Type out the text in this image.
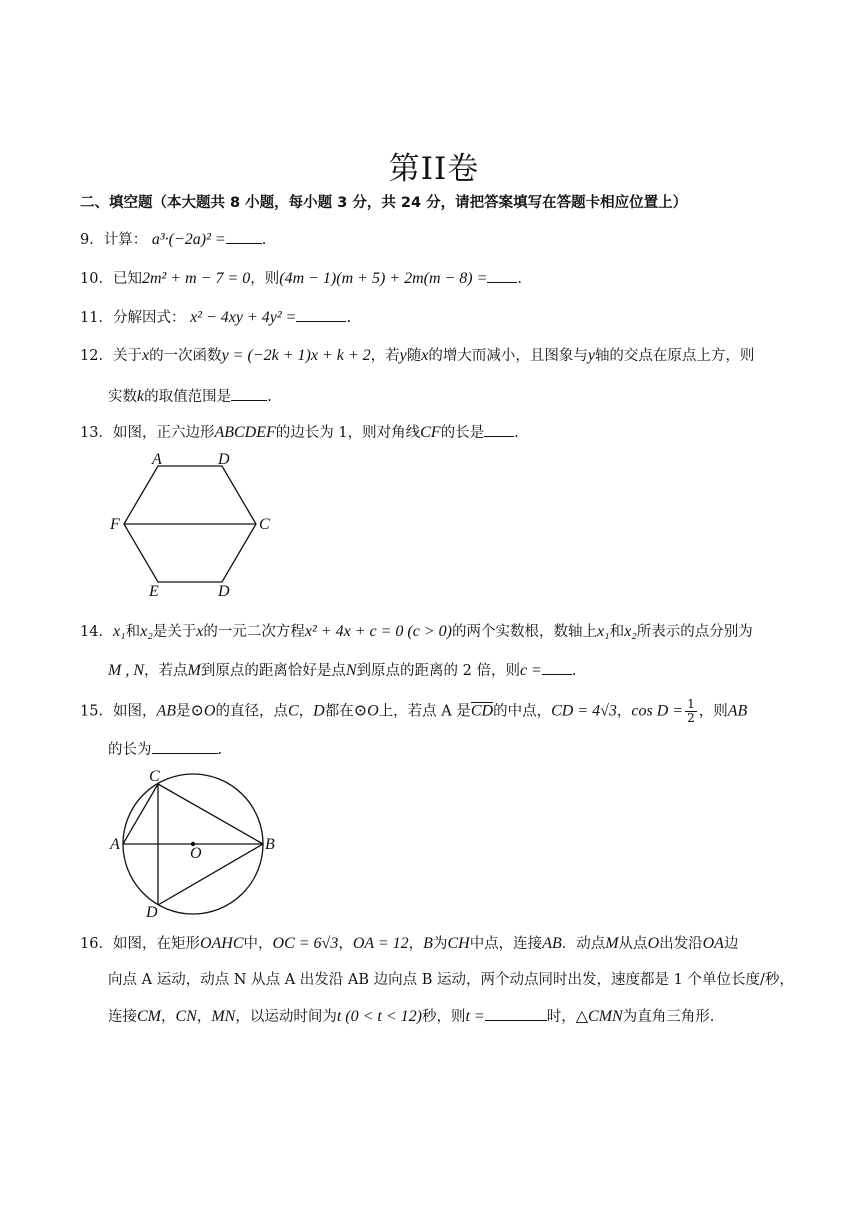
第II卷
二、填空题（本大题共 8 小题，每小题 3 分，共 24 分，请把答案填写在答题卡相应位置上）
9．计算： a³·(−2a)² = .
10．已知2m² + m − 7 = 0，则(4m − 1)(m + 5) + 2m(m − 8) = .
11．分解因式： x² − 4xy + 4y² =	.
12．关于x的一次函数y = (−2k + 1)x + k + 2，若y随x的增大而减小，且图象与y轴的交点在原点上方，则
实数k的取值范围是 .
13．如图，正六边形ABCDEF的边长为 1，则对角线CF的长是 .
A	D
F	C
E	D
14．x₁和x₂是关于x的一元二次方程x² + 4x + c = 0 (c > 0)的两个实数根，数轴上x₁和x₂所表示的点分别为
M , N，若点M到原点的距离恰好是点N到原点的距离的 2 倍，则c = .
15．如图，AB是⊙O的直径，点C，D都在⊙O上，若点 A 是$\overline{CD}$的中点，CD = 4√3，$\cos D = \frac{1}{2}$ ，则AB
的长为	.
C
A
O
B
D
16．如图，在矩形OAHC中，OC = 6√3，OA = 12，B为CH中点，连接AB．动点M从点O出发沿OA边
向点 A 运动，动点 N 从点 A 出发沿 AB 边向点 B 运动，两个动点同时出发，速度都是 1 个单位长度/秒，
连接CM，CN，MN，以运动时间为t (0 < t < 12)秒，则t =	时，△CMN为直角三角形.
